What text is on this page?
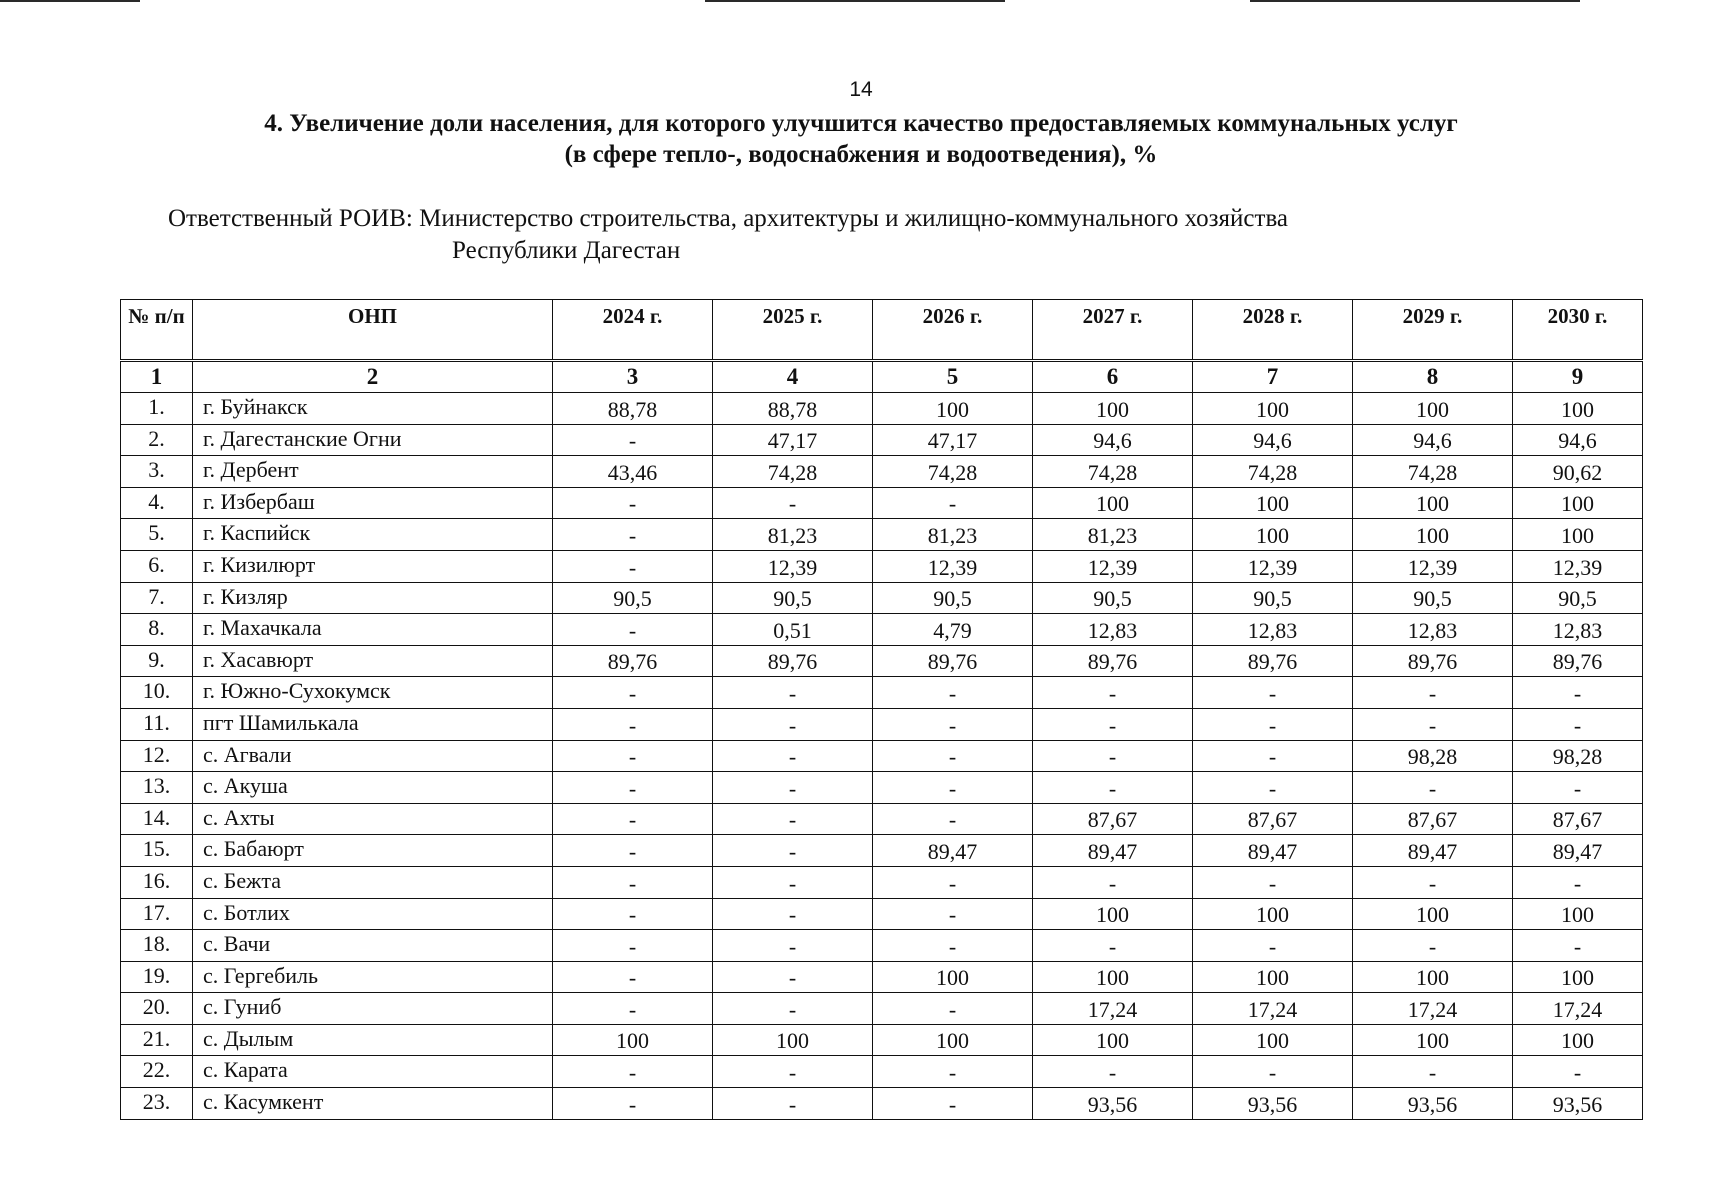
14
4. Увеличение доли населения, для которого улучшится качество предоставляемых коммунальных услуг
(в сфере тепло-, водоснабжения и водоотведения), %
Ответственный РОИВ: Министерство строительства, архитектуры и жилищно-коммунального хозяйства
Республики Дагестан
№ п/п	ОНП	2024 г.	2025 г.	2026 г.	2027 г.	2028 г.	2029 г.	2030 г.
1	2	3	4	5	6	7	8	9
1.	г. Буйнакск	88,78	88,78	100	100	100	100	100
2.	г. Дагестанские Огни	-	47,17	47,17	94,6	94,6	94,6	94,6
3.	г. Дербент	43,46	74,28	74,28	74,28	74,28	74,28	90,62
4.	г. Избербаш	-	-	-	100	100	100	100
5.	г. Каспийск	-	81,23	81,23	81,23	100	100	100
6.	г. Кизилюрт	-	12,39	12,39	12,39	12,39	12,39	12,39
7.	г. Кизляр	90,5	90,5	90,5	90,5	90,5	90,5	90,5
8.	г. Махачкала	-	0,51	4,79	12,83	12,83	12,83	12,83
9.	г. Хасавюрт	89,76	89,76	89,76	89,76	89,76	89,76	89,76
10.	г. Южно-Сухокумск	-	-	-	-	-	-	-
11.	пгт Шамилькала	-	-	-	-	-	-	-
12.	с. Агвали	-	-	-	-	-	98,28	98,28
13.	с. Акуша	-	-	-	-	-	-	-
14.	с. Ахты	-	-	-	87,67	87,67	87,67	87,67
15.	с. Бабаюрт	-	-	89,47	89,47	89,47	89,47	89,47
16.	с. Бежта	-	-	-	-	-	-	-
17.	с. Ботлих	-	-	-	100	100	100	100
18.	с. Вачи	-	-	-	-	-	-	-
19.	с. Гергебиль	-	-	100	100	100	100	100
20.	с. Гуниб	-	-	-	17,24	17,24	17,24	17,24
21.	с. Дылым	100	100	100	100	100	100	100
22.	с. Карата	-	-	-	-	-	-	-
23.	с. Касумкент	-	-	-	93,56	93,56	93,56	93,56
